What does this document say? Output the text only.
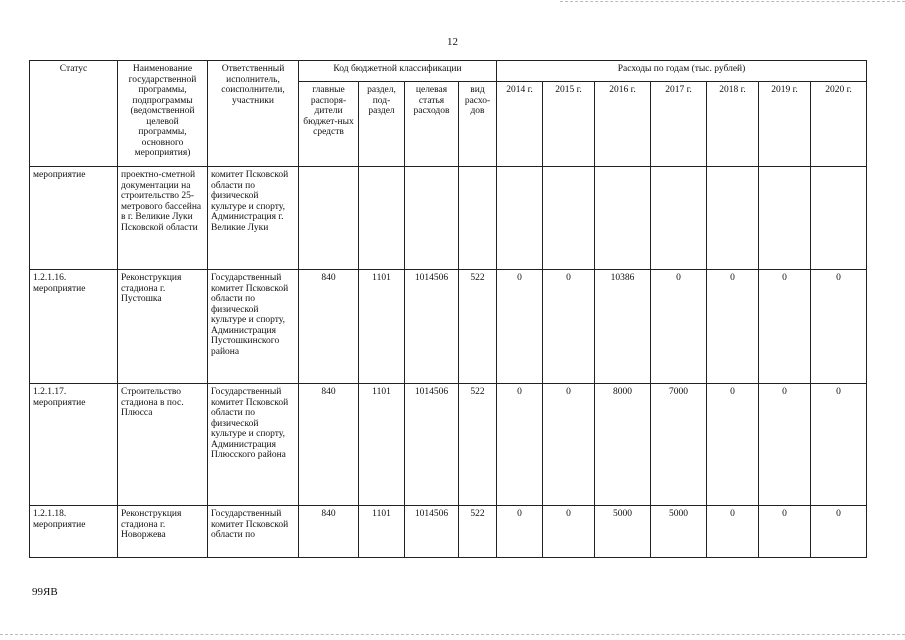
12
Статус	Наименование государственной программы, подпрограммы (ведомственной целевой программы, основного мероприятия)	Ответственный исполнитель, соисполнители, участники	Код бюджетной классификации				Расходы по годам (тыс. рублей)						
			главные распоря-дители бюджет-ных средств	раздел, под-раздел	целевая статья расходов	вид расхо-дов	2014 г.	2015 г.	2016 г.	2017 г.	2018 г.	2019 г.	2020 г.
мероприятие	проектно-сметной документации на строительство 25-метрового бассейна в г. Великие Луки Псковской области	комитет Псковской области по физической культуре и спорту, Администрация г. Великие Луки											
1.2.1.16. мероприятие	Реконструкция стадиона г. Пустошка	Государственный комитет Псковской области по физической культуре и спорту, Администрация Пустошкинского района	840	1101	1014506	522	0	0	10386	0	0	0	0
1.2.1.17. мероприятие	Строительство стадиона в пос. Плюсса	Государственный комитет Псковской области по физической культуре и спорту, Администрация Плюсского района	840	1101	1014506	522	0	0	8000	7000	0	0	0
1.2.1.18. мероприятие	Реконструкция стадиона г. Новоржева	Государственный комитет Псковской области по	840	1101	1014506	522	0	0	5000	5000	0	0	0
99ЯВ
